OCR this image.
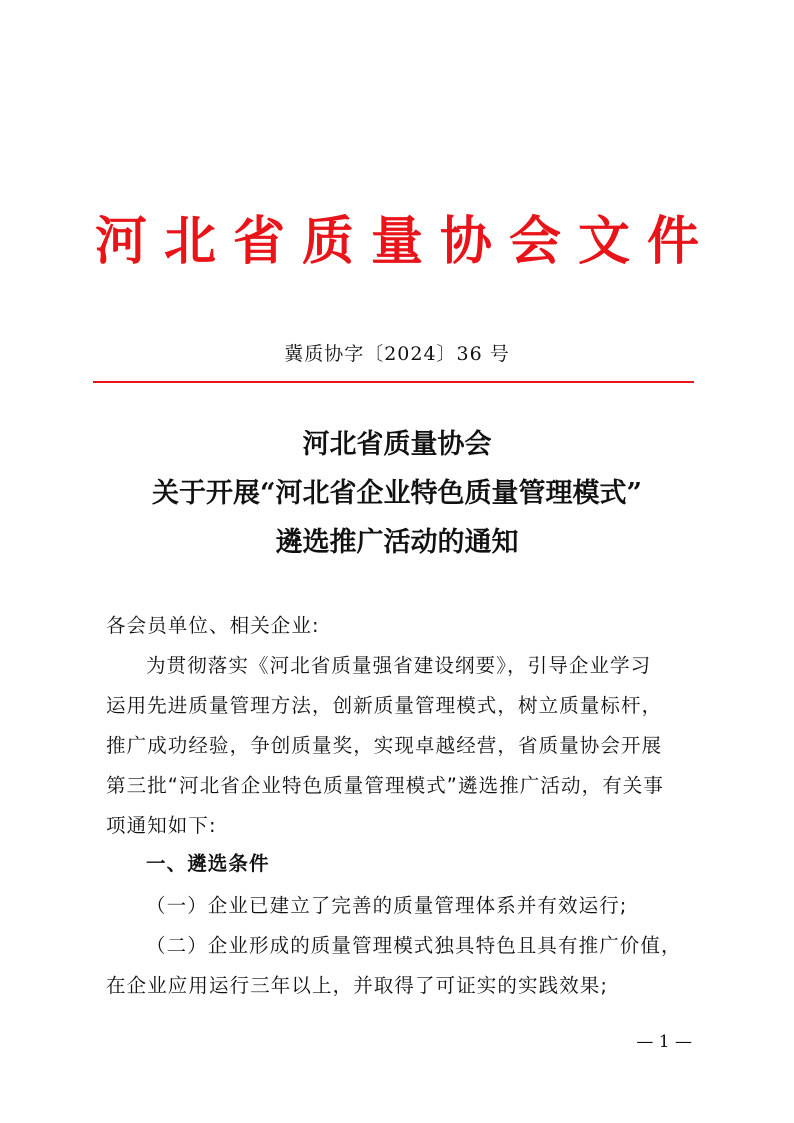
河北省质量协会文件
冀质协字〔2024〕36 号
河北省质量协会
关于开展“河北省企业特色质量管理模式”
遴选推广活动的通知
各会员单位、相关企业:
为贯彻落实《河北省质量强省建设纲要》，引导企业学习
运用先进质量管理方法，创新质量管理模式，树立质量标杆，
推广成功经验，争创质量奖，实现卓越经营，省质量协会开展
第三批“河北省企业特色质量管理模式”遴选推广活动，有关事
项通知如下:
一、遴选条件
（一）企业已建立了完善的质量管理体系并有效运行;
（二）企业形成的质量管理模式独具特色且具有推广价值，
在企业应用运行三年以上，并取得了可证实的实践效果;
— 1 —
